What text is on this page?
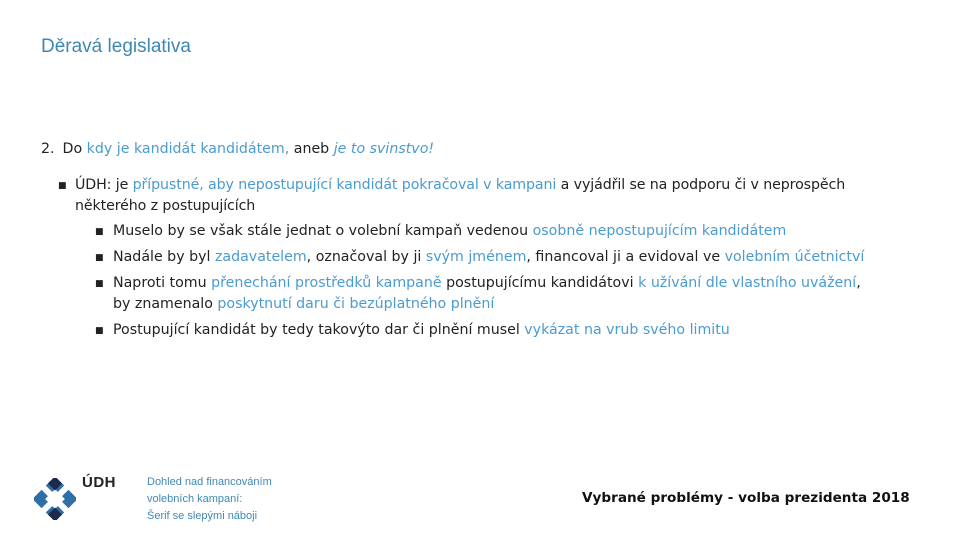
Děravá legislativa
2. Do kdy je kandidát kandidátem, aneb je to svinstvo!
■ ÚDH: je přípustné, aby nepostupující kandidát pokračoval v kampani a vyjádřil se na podporu či v neprospěch
některého z postupujících
■ Muselo by se však stále jednat o volební kampaň vedenou osobně nepostupujícím kandidátem
■ Nadále by byl zadavatelem, označoval by ji svým jménem, financoval ji a evidoval ve volebním účetnictví
■ Naproti tomu přenechání prostředků kampaně postupujícímu kandidátovi k užívání dle vlastního uvážení,
by znamenalo poskytnutí daru či bezúplatného plnění
■ Postupující kandidát by tedy takovýto dar či plnění musel vykázat na vrub svého limitu
ÚDH	Dohled nad financováním
volebních kampaní:
Šerif se slepými náboji
Vybrané problémy - volba prezidenta 2018
